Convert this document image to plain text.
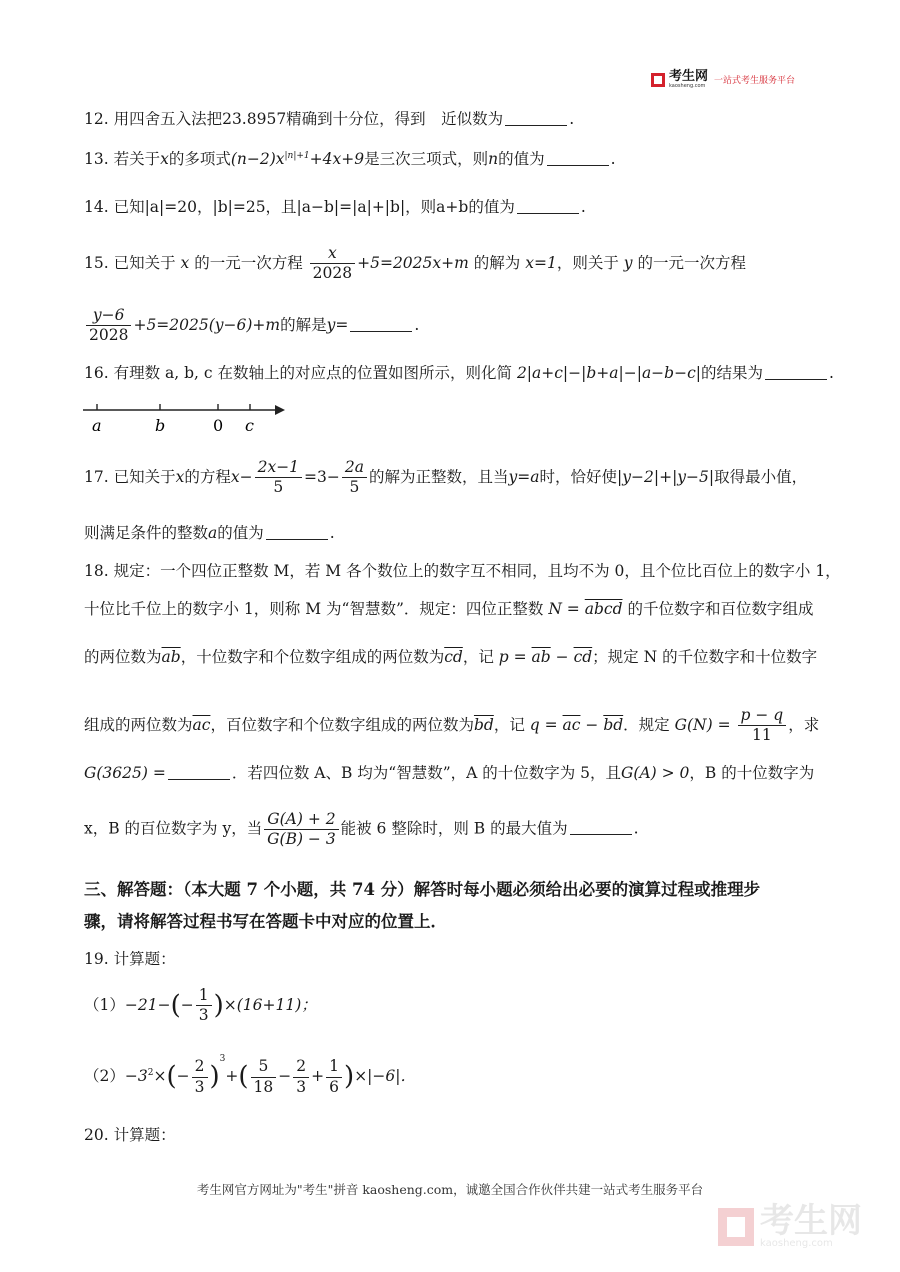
考生网
kaosheng.com 一站式考生服务平台
12. 用四舍五入法把23.8957精确到十分位，得到　近似数为	.
13. 若关于x的多项式$(n-2)x^{|n|+1}+4x+9$是三次三项式，则n的值为	.
14. 已知|a|=20，|b|=25，且|a−b|=|a|+|b|，则a+b的值为	.
15. 已知关于 x 的一元一次方程 $\frac{x}{2028} +5=2025x+m$ 的解为 x=1，则关于 y 的一元一次方程
$\frac{y-6}{2028} +5=2025(y-6)+m$的解是y=	.
16. 有理数 a, b, c 在数轴上的对应点的位置如图所示，则化简 2|a+c|−|b+a|−|a−b−c|的结果为	.
a	b	0 c
17. 已知关于x的方程$x- \frac{2x-1}{5} =3- \frac{2a}{5}$ 的解为正整数，且当y=a时，恰好使|y−2|+|y−5|取得最小值，
则满足条件的整数a的值为	.
18. 规定：一个四位正整数 M，若 M 各个数位上的数字互不相同，且均不为 0，且个位比百位上的数字小 1，
十位比千位上的数字小 1，则称 M 为“智慧数”．规定：四位正整数 N = abcd 的千位数字和百位数字组成
的两位数为$\overline{ab}$，十位数字和个位数字组成的两位数为$\overline{cd}$，记 $p = \overline{ab} - \overline{cd}$；规定 N 的千位数字和十位数字
组成的两位数为$\overline{ac}$，百位数字和个位数字组成的两位数为$\overline{bd}$，记 $q = \overline{ac} - \overline{bd}$．规定 $G(N) = \frac{p - q}{11}$ ，求
G(3625) =	．若四位数 A、B 均为“智慧数”，A 的十位数字为 5，且G(A) > 0，B 的十位数字为
x，B 的百位数字为 y，当 $\frac{G(A) + 2}{G(B) - 3}$ 能被 6 整除时，则 B 的最大值为	.
三、解答题：（本大题 7 个小题，共 74 分）解答时每小题必须给出必要的演算过程或推理步
骤，请将解答过程书写在答题卡中对应的位置上．
19. 计算题：
$(1)-21-(- \frac{1}{3} )\times(16+11)$；
$(2)-3^2\times(- \frac{2}{3} )^3+( \frac{5}{18} - \frac{2}{3} + \frac{1}{6} )\times|-6|$．
20. 计算题：
考生网官方网址为"考生"拼音 kaosheng.com，诚邀全国合作伙伴共建一站式考生服务平台
考生网
kaosheng.com
